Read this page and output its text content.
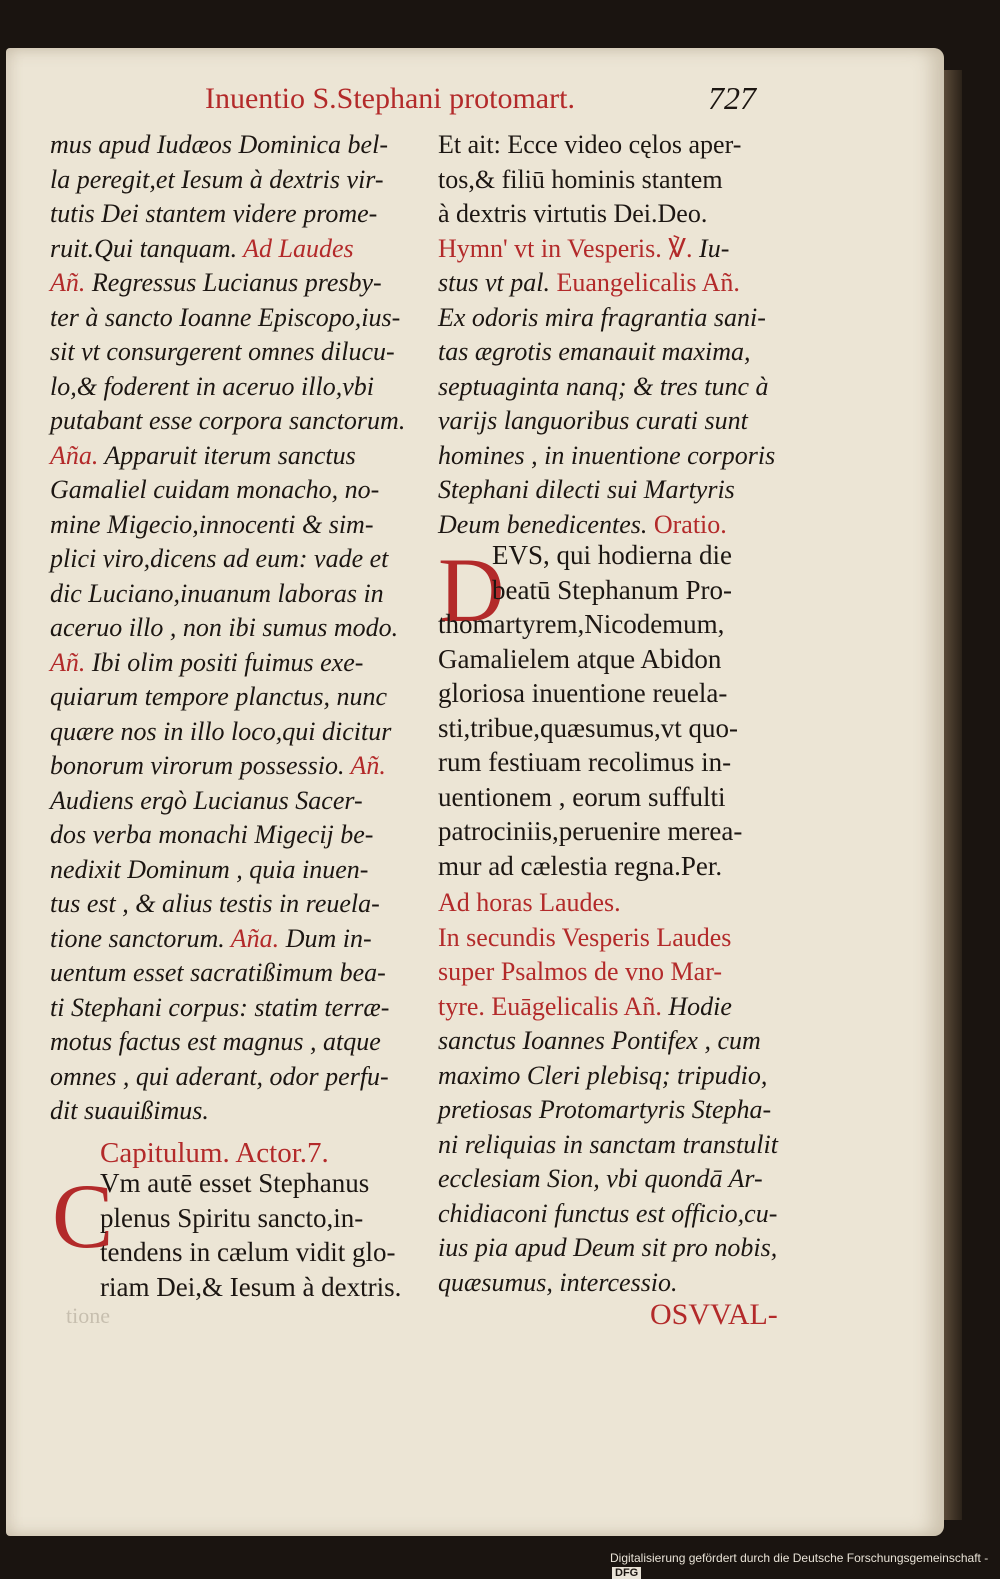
Inuentio S.Stephani protomart.	727
mus apud Iudæos Dominica bel-
la peregit,et Iesum à dextris vir-
tutis Dei stantem videre prome-
ruit.Qui tanquam. Ad Laudes
Añ. Regressus Lucianus presby-
ter à sancto Ioanne Episcopo,ius-
sit vt consurgerent omnes dilucu-
lo,& foderent in aceruo illo,vbi
putabant esse corpora sanctorum.
Aña. Apparuit iterum sanctus
Gamaliel cuidam monacho, no-
mine Migecio,innocenti & sim-
plici viro,dicens ad eum: vade et
dic Luciano,inuanum laboras in
aceruo illo , non ibi sumus modo.
Añ. Ibi olim positi fuimus exe-
quiarum tempore planctus, nunc
quære nos in illo loco,qui dicitur
bonorum virorum possessio. Añ.
Audiens ergò Lucianus Sacer-
dos verba monachi Migecij be-
nedixit Dominum , quia inuen-
tus est , & alius testis in reuela-
tione sanctorum. Aña. Dum in-
uentum esset sacratißimum bea-
ti Stephani corpus: statim terræ-
motus factus est magnus , atque
omnes , qui aderant, odor perfu-
dit suauißimus.
Capitulum. Actor.7.
C
Vm autē esset Stephanus
plenus Spiritu sancto,in-
tendens in cælum vidit glo-
riam Dei,& Iesum à dextris.
tione
Et ait: Ecce video cęlos aper-
tos,& filiū hominis stantem
à dextris virtutis Dei.Deo.
Hymn' vt in Vesperis. ℣. Iu-
stus vt pal. Euangelicalis Añ.
Ex odoris mira fragrantia sani-
tas ægrotis emanauit maxima,
septuaginta nanq; & tres tunc à
varijs languoribus curati sunt
homines , in inuentione corporis
Stephani dilecti sui Martyris
Deum benedicentes. Oratio.
D
EVS, qui hodierna die
beatū Stephanum Pro-
thomartyrem,Nicodemum,
Gamalielem atque Abidon
gloriosa inuentione reuela-
sti,tribue,quæsumus,vt quo-
rum festiuam recolimus in-
uentionem , eorum suffulti
patrociniis,peruenire merea-
mur ad cælestia regna.Per.
Ad horas Laudes.
In secundis Vesperis Laudes
super Psalmos de vno Mar-
tyre. Euāgelicalis Añ. Hodie
sanctus Ioannes Pontifex , cum
maximo Cleri plebisq; tripudio,
pretiosas Protomartyris Stepha-
ni reliquias in sanctam transtulit
ecclesiam Sion, vbi quondā Ar-
chidiaconi functus est officio,cu-
ius pia apud Deum sit pro nobis,
quæsumus, intercessio.
OSVVAL-
Digitalisierung gefördert durch die Deutsche Forschungsgemeinschaft -DFG
